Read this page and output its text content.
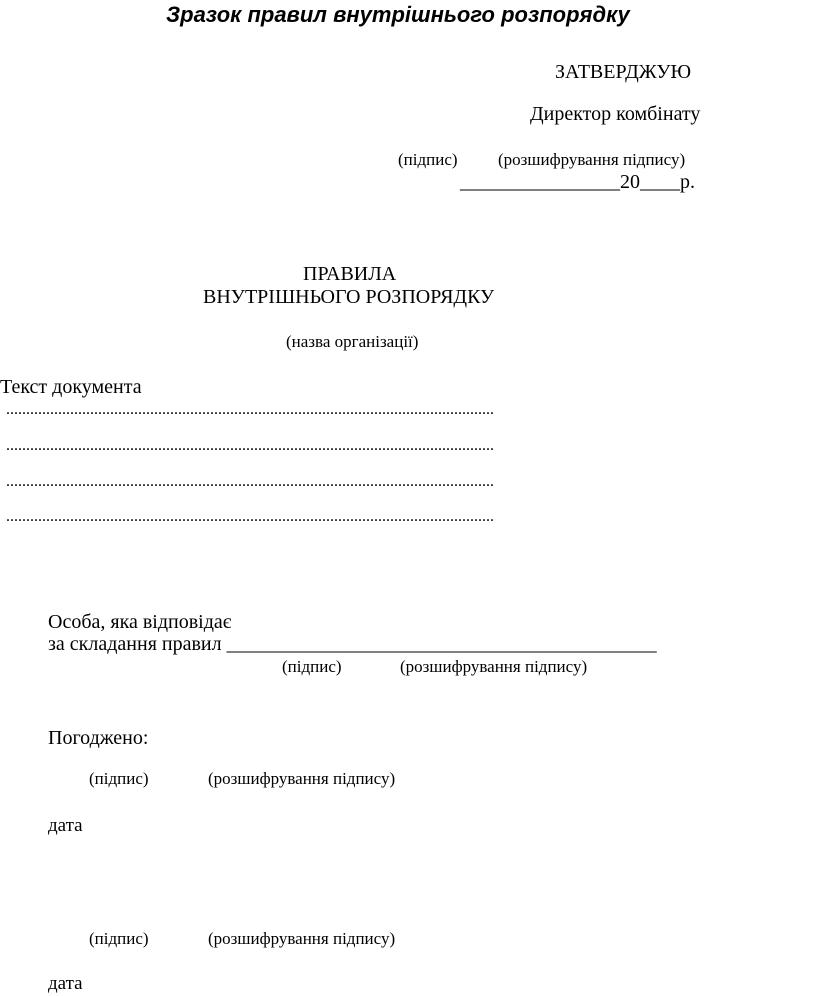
Зразок правил внутрішнього розпорядку
ЗАТВЕРДЖУЮ
Директор комбінату
(підпис) (розшифрування підпису)
________________20____р.
ПРАВИЛА
ВНУТРІШНЬОГО РОЗПОРЯДКУ
(назва організації)
Текст документа
..........................................................................................................................
..........................................................................................................................
..........................................................................................................................
..........................................................................................................................
Особа, яка відповідає
за складання правил ___________________________________________
(підпис)	(розшифрування підпису)
Погоджено:
(підпис)	(розшифрування підпису)
дата
(підпис)	(розшифрування підпису)
дата
